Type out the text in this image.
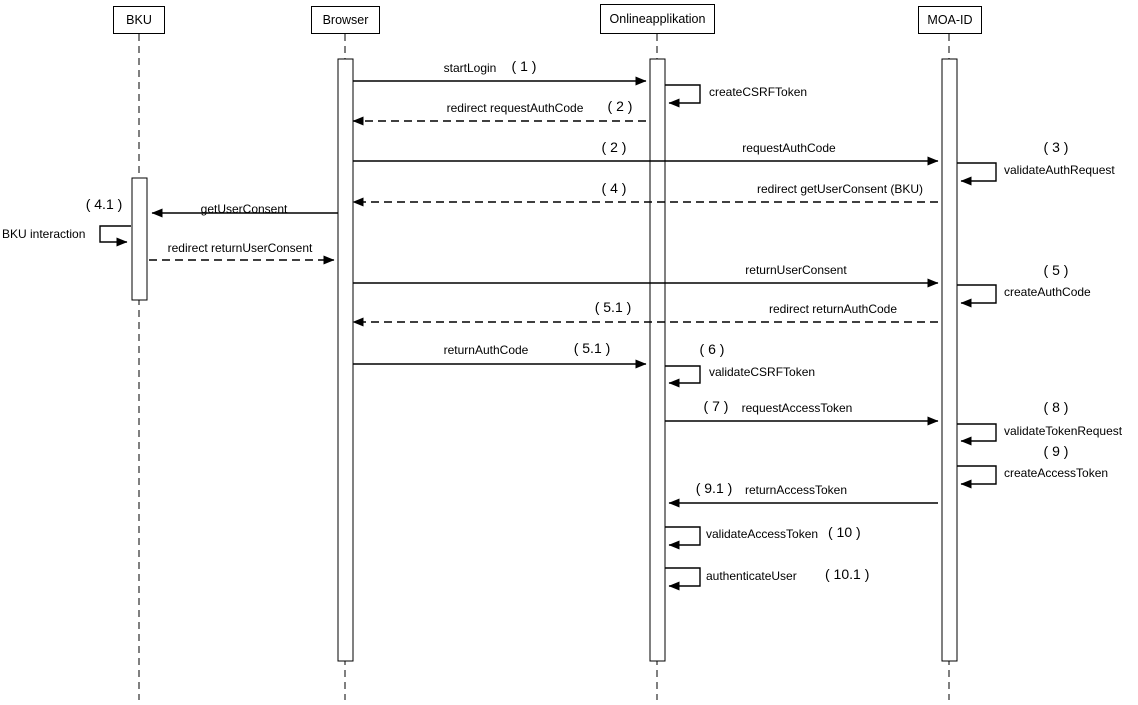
BKU	Browser	Onlineapplikation	MOA-ID
startLogin ( 1 )
createCSRFToken
redirect requestAuthCode ( 2 )
requestAuthCode
( 2 )
validateAuthRequest
( 3 )
redirect getUserConsent (BKU)
( 4 )
getUserConsent
( 4.1 )
BKU interaction
redirect returnUserConsent
returnUserConsent
createAuthCode
( 5 )
redirect returnAuthCode
( 5.1 )
returnAuthCode	( 5.1 )
validateCSRFToken
( 6 )
requestAccessToken
( 7 )
validateTokenRequest
( 8 )
createAccessToken
( 9 )
returnAccessToken
( 9.1 )
validateAccessToken ( 10 )
authenticateUser ( 10.1 )
